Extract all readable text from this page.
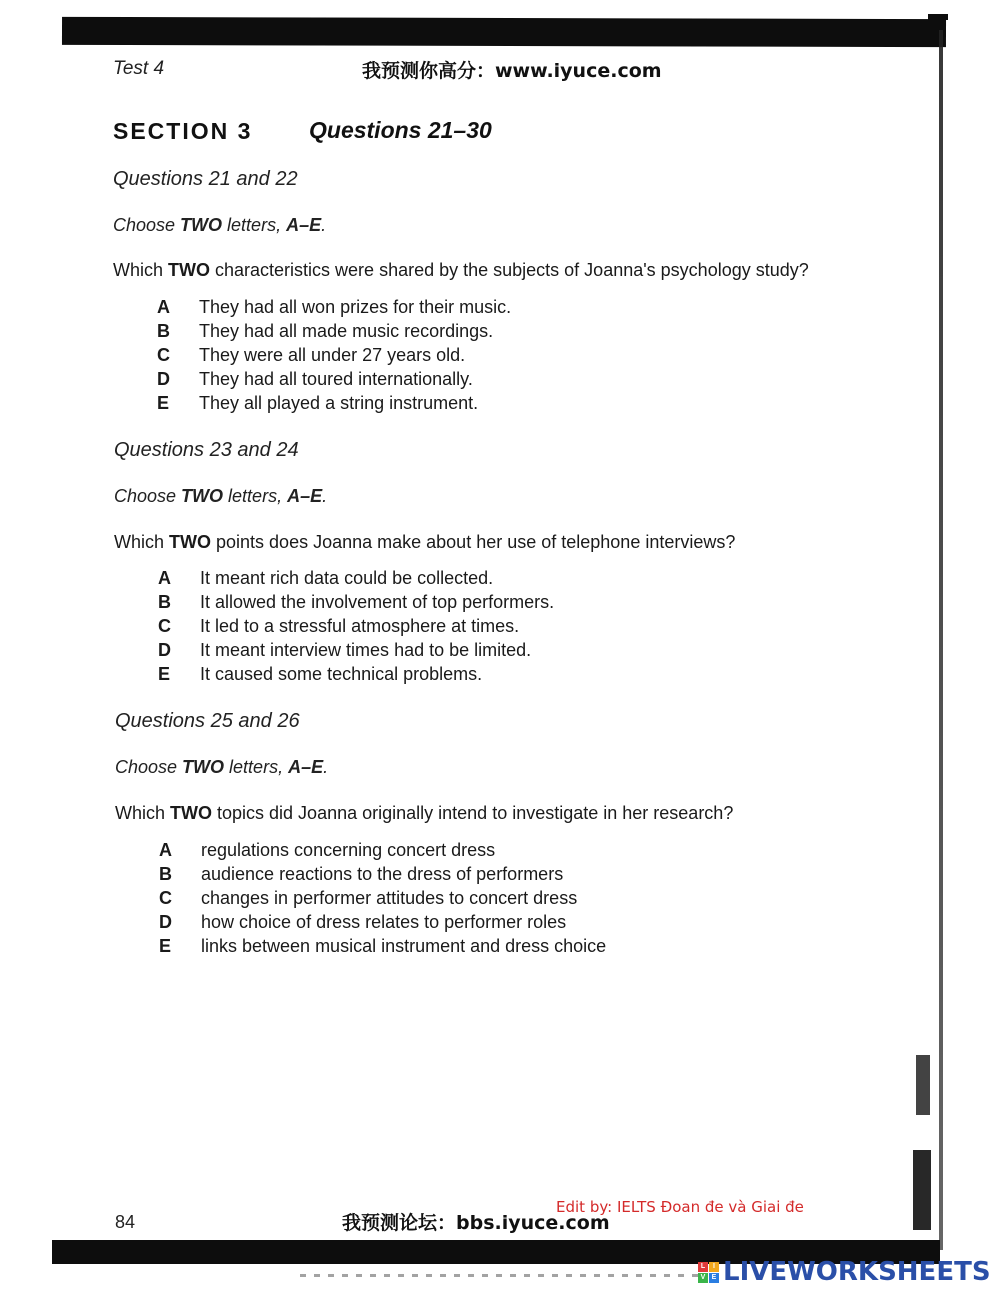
Test 4	我预测你高分：www.iyuce.com
SECTION 3 Questions 21–30
Questions 21 and 22
Choose TWO letters, A–E.
Which TWO characteristics were shared by the subjects of Joanna's psychology study?
A	They had all won prizes for their music.
B	They had all made music recordings.
C	They were all under 27 years old.
D	They had all toured internationally.
E	They all played a string instrument.
Questions 23 and 24
Choose TWO letters, A–E.
Which TWO points does Joanna make about her use of telephone interviews?
A	It meant rich data could be collected.
B	It allowed the involvement of top performers.
C	It led to a stressful atmosphere at times.
D	It meant interview times had to be limited.
E	It caused some technical problems.
Questions 25 and 26
Choose TWO letters, A–E.
Which TWO topics did Joanna originally intend to investigate in her research?
A	regulations concerning concert dress
B	audience reactions to the dress of performers
C	changes in performer attitudes to concert dress
D	how choice of dress relates to performer roles
E	links between musical instrument and dress choice
84	我预测论坛：bbs.iyuce.com
Edit by: IELTS Đoan đe và Giai đe
L	I
V E LIVEWORKSHEETS
